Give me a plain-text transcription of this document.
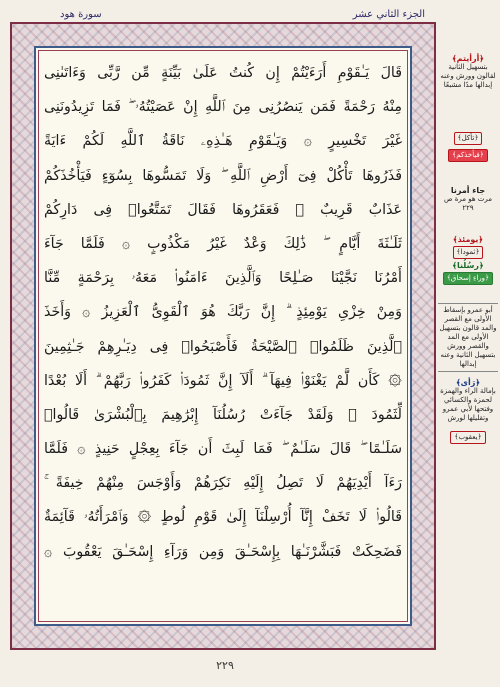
الجزء الثاني عشر
سورة هود
قَالَ يَـٰقَوْمِ أَرَءَيْتُمْ إِن كُنتُ عَلَىٰ بَيِّنَةٍ مِّن رَّبِّى وَءَاتَىٰنِى
مِنْهُ رَحْمَةً فَمَن يَنصُرُنِى مِنَ ٱللَّهِ إِنْ عَصَيْتُهُۥ ۖ فَمَا تَزِيدُونَنِى
غَيْرَ تَخْسِيرٍ ۞ وَيَـٰقَوْمِ هَـٰذِهِۦ نَاقَةُ ٱللَّهِ لَكُمْ ءَايَةً
فَذَرُوهَا تَأْكُلْ فِىٓ أَرْضِ ٱللَّهِ ۖ وَلَا تَمَسُّوهَا بِسُوٓءٍ فَيَأْخُذَكُمْ
عَذَابٌ قَرِيبٌ ۞ فَعَقَرُوهَا فَقَالَ تَمَتَّعُوا۟ فِى دَارِكُمْ
ثَلَـٰثَةَ أَيَّامٍ ۖ ذَٰلِكَ وَعْدٌ غَيْرُ مَكْذُوبٍ ۞ فَلَمَّا جَآءَ
أَمْرُنَا نَجَّيْنَا صَـٰلِحًا وَٱلَّذِينَ ءَامَنُوا۟ مَعَهُۥ بِرَحْمَةٍ مِّنَّا
وَمِنْ خِزْىِ يَوْمِئِذٍ ۗ إِنَّ رَبَّكَ هُوَ ٱلْقَوِىُّ ٱلْعَزِيزُ ۞ وَأَخَذَ
ٱلَّذِينَ ظَلَمُوا۟ ٱلصَّيْحَةُ فَأَصْبَحُوا۟ فِى دِيَـٰرِهِمْ جَـٰثِمِينَ
۞ كَأَن لَّمْ يَغْنَوْا۟ فِيهَآ ۗ أَلَآ إِنَّ ثَمُودَا۟ كَفَرُوا۟ رَبَّهُمْ ۗ أَلَا بُعْدًا
لِّثَمُودَ ۞ وَلَقَدْ جَآءَتْ رُسُلُنَآ إِبْرَٰهِيمَ بِٱلْبُشْرَىٰ قَالُوا۟
سَلَـٰمًا ۖ قَالَ سَلَـٰمٌ ۖ فَمَا لَبِثَ أَن جَآءَ بِعِجْلٍ حَنِيذٍ ۞ فَلَمَّا
رَءَآ أَيْدِيَهُمْ لَا تَصِلُ إِلَيْهِ نَكِرَهُمْ وَأَوْجَسَ مِنْهُمْ خِيفَةً ۚ
قَالُوا۟ لَا تَخَفْ إِنَّآ أُرْسِلْنَآ إِلَىٰ قَوْمِ لُوطٍ ۞ وَٱمْرَأَتُهُۥ قَآئِمَةٌ
فَضَحِكَتْ فَبَشَّرْنَـٰهَا بِإِسْحَـٰقَ وَمِن وَرَآءِ إِسْحَـٰقَ يَعْقُوبَ ۞
٢٢٩
﴿أرأيتم﴾
بتسهيل الثانية لقالون وورش وعنه إبدالها مدًا مشبعًا
﴿تأكل﴾ ﴿فيأخذكم﴾
جاء أمرنا
مرت هو مرة ص ٢٢٩
﴿يومئذ﴾
﴿ثمودا﴾
﴿رسُلُنا﴾
﴿وراءِ إسحاق﴾
أبو عمرو بإسقاط الأولى مع القصر والمد قالون بتسهيل الأولى مع المد والقصر وورش بتسهيل الثانية وعنه إبدالها
﴿رَأى﴾
بإمالة الراء والهمزة لحمزة والكسائي وفتحها لأبي عمرو وتقليلها لورش
﴿يعقوب﴾
